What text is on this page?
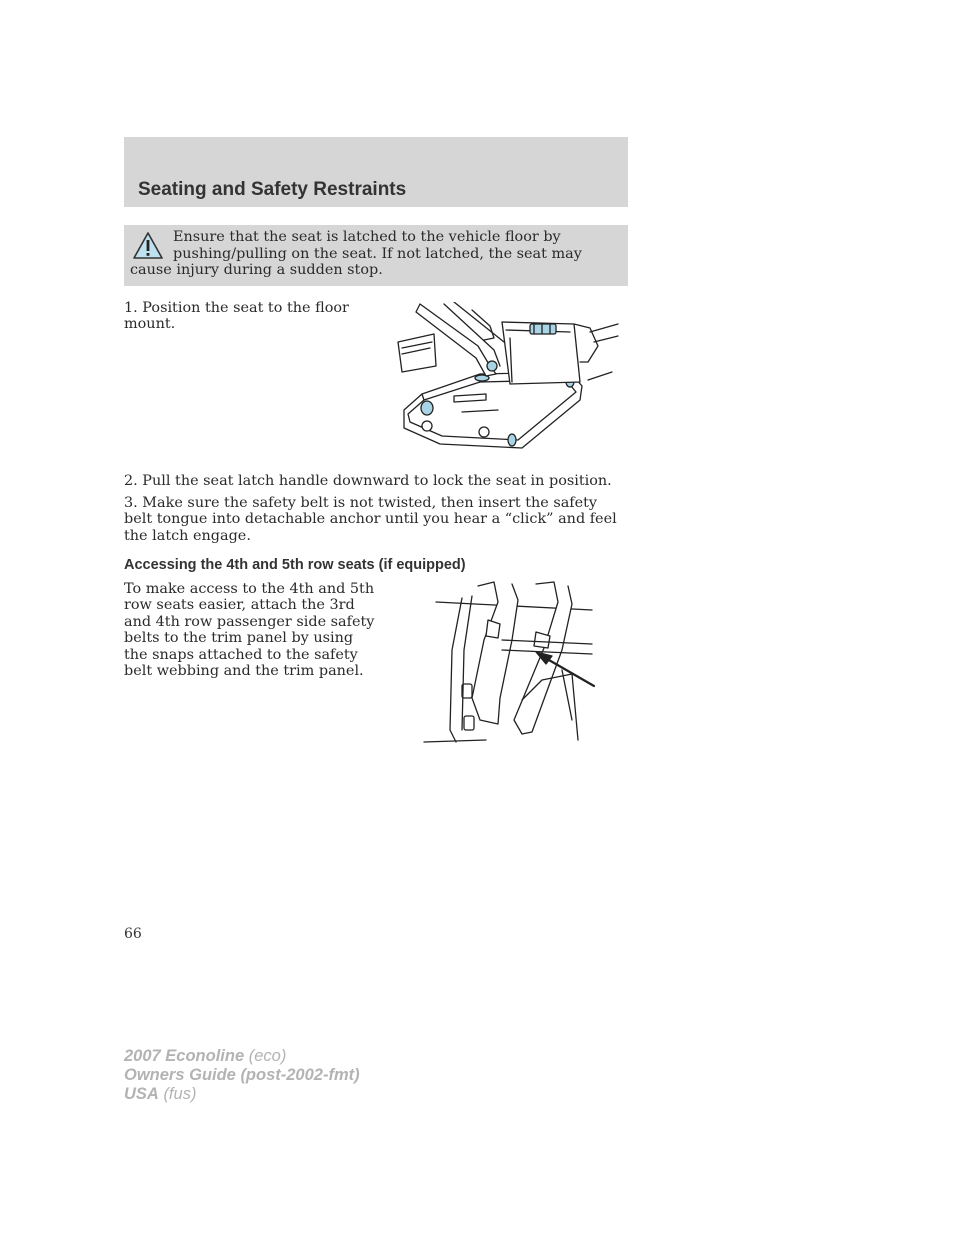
Seating and Safety Restraints

Ensure that the seat is latched to the vehicle floor by pushing/pulling on the seat. If not latched, the seat may cause injury during a sudden stop.

1. Position the seat to the floor mount.

2. Pull the seat latch handle downward to lock the seat in position.

3. Make sure the safety belt is not twisted, then insert the safety belt tongue into detachable anchor until you hear a “click” and feel the latch engage.

Accessing the 4th and 5th row seats (if equipped)

To make access to the 4th and 5th row seats easier, attach the 3rd and 4th row passenger side safety belts to the trim panel by using the snaps attached to the safety belt webbing and the trim panel.

66
2007 Econoline (eco)
Owners Guide (post-2002-fmt)
USA (fus)
